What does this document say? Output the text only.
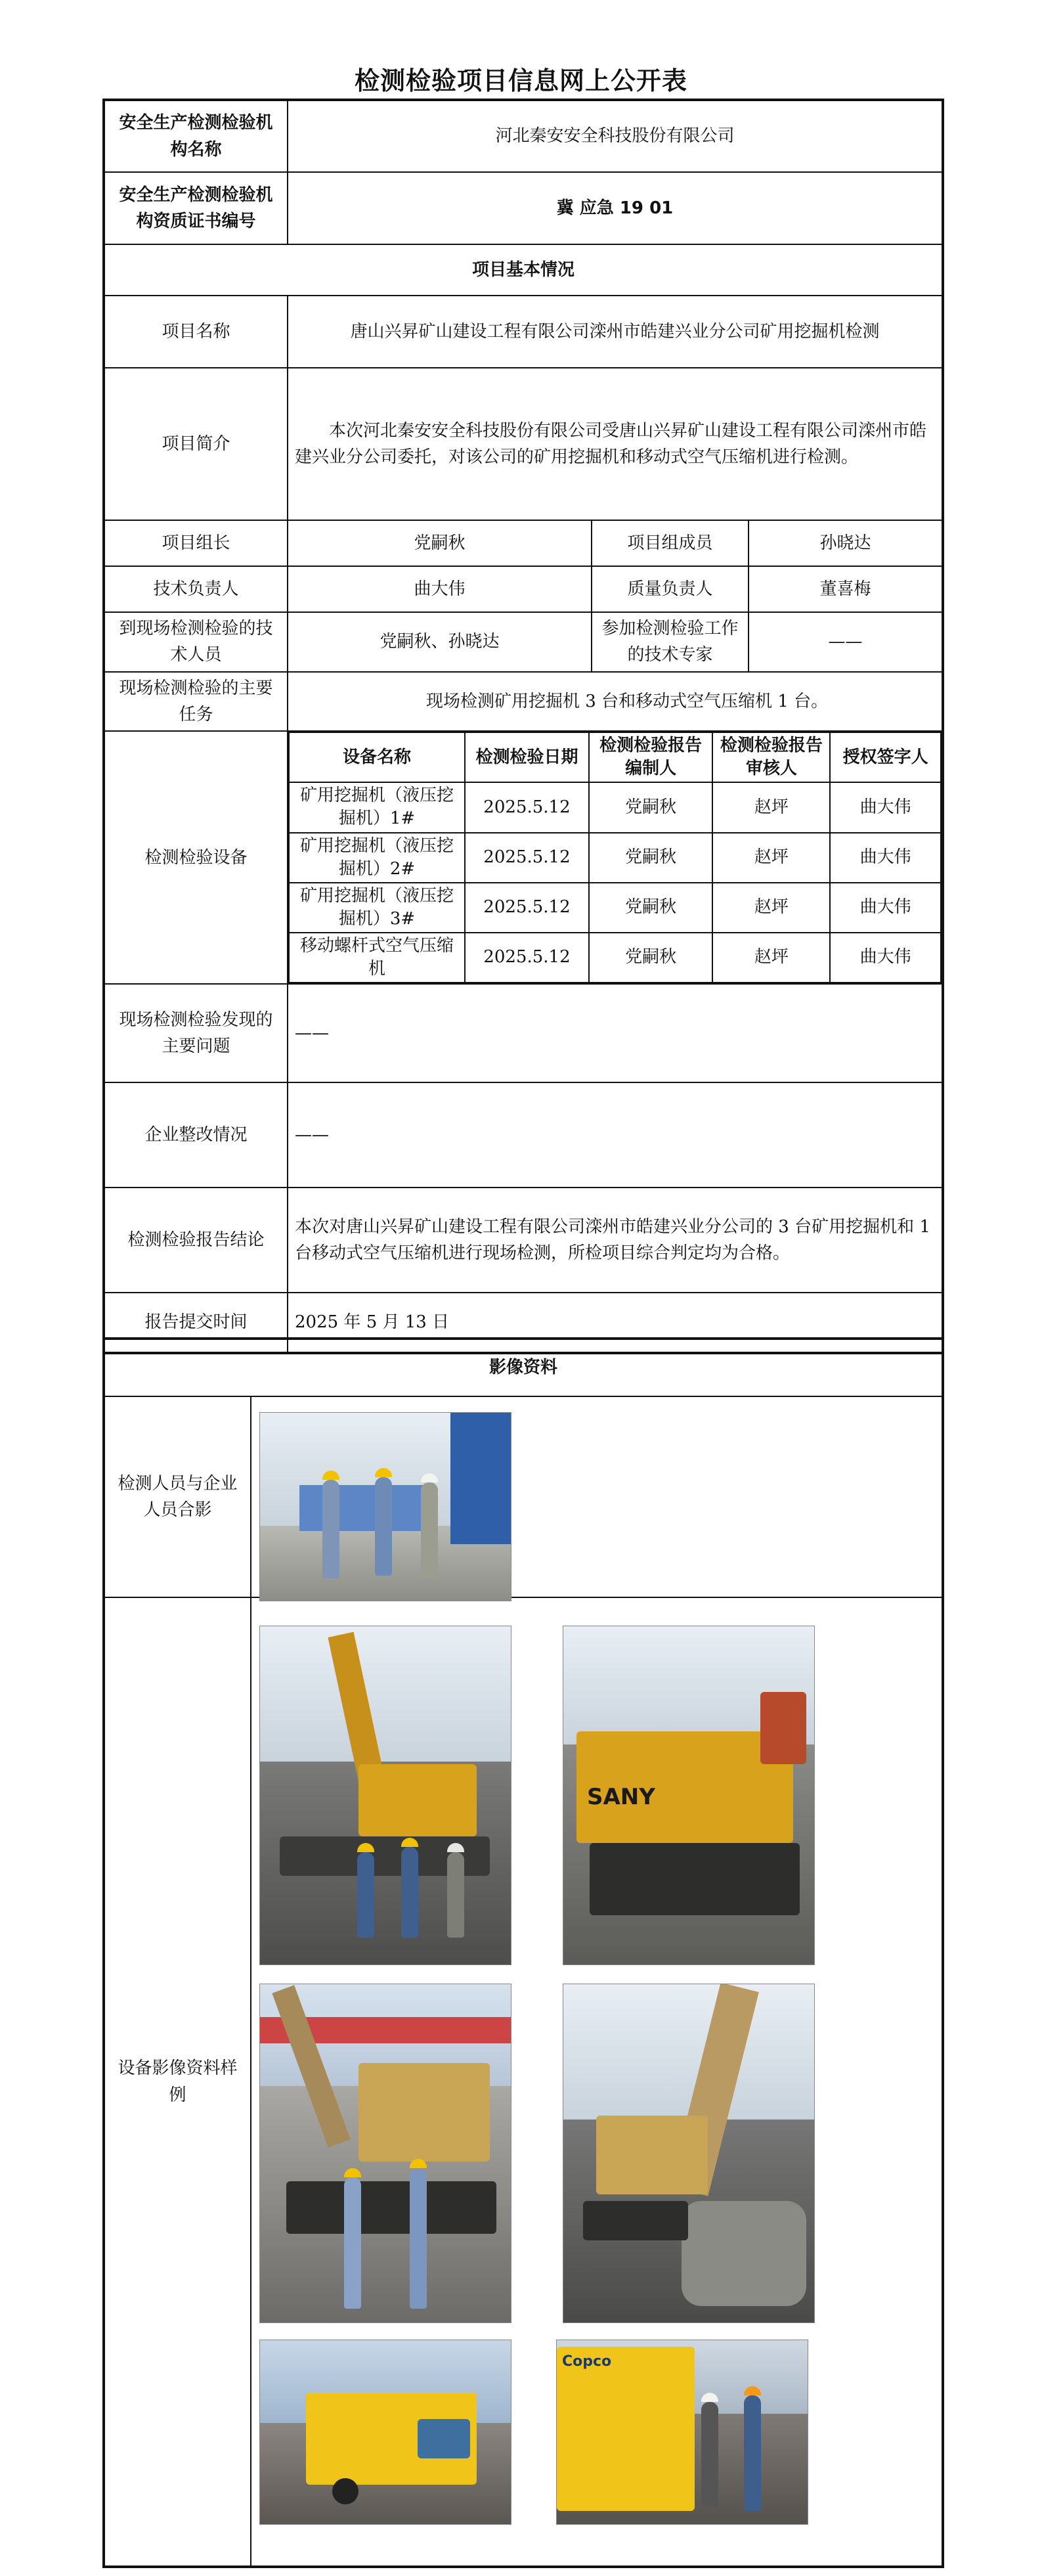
检测检验项目信息网上公开表
安全生产检测检验机构名称	河北秦安安全科技股份有限公司
安全生产检测检验机构资质证书编号	冀 应急 19 01
项目基本情况
项目名称	唐山兴昇矿山建设工程有限公司滦州市皓建兴业分公司矿用挖掘机检测
项目简介	本次河北秦安安全科技股份有限公司受唐山兴昇矿山建设工程有限公司滦州市皓建兴业分公司委托，对该公司的矿用挖掘机和移动式空气压缩机进行检测。
项目组长	党嗣秋	项目组成员	孙晓达
技术负责人	曲大伟	质量负责人	董喜梅
到现场检测检验的技术人员	党嗣秋、孙晓达	参加检测检验工作的技术专家	——
现场检测检验的主要任务	现场检测矿用挖掘机 3 台和移动式空气压缩机 1 台。
检测检验设备	
设备名称	检测检验日期	检测检验报告编制人	检测检验报告审核人	授权签字人
矿用挖掘机（液压挖掘机）1#	2025.5.12	党嗣秋	赵坪	曲大伟
矿用挖掘机（液压挖掘机）2#	2025.5.12	党嗣秋	赵坪	曲大伟
矿用挖掘机（液压挖掘机）3#	2025.5.12	党嗣秋	赵坪	曲大伟
移动螺杆式空气压缩机	2025.5.12	党嗣秋	赵坪	曲大伟

现场检测检验发现的主要问题	——
企业整改情况	——
检测检验报告结论	本次对唐山兴昇矿山建设工程有限公司滦州市皓建兴业分公司的 3 台矿用挖掘机和 1 台移动式空气压缩机进行现场检测，所检项目综合判定均为合格。
报告提交时间	2025 年 5 月 13 日
影像资料	
检测人员与企业人员合影	
设备影像资料样例	
SANY
Copco
